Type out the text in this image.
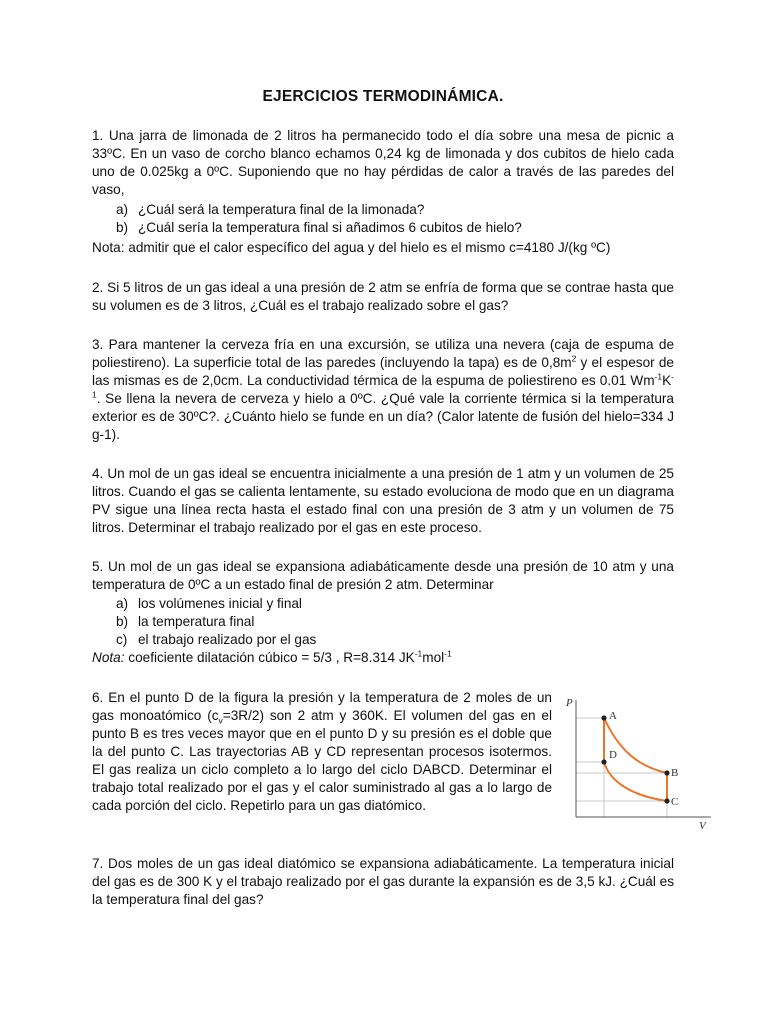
EJERCICIOS TERMODINÁMICA.
1. Una jarra de limonada de 2 litros ha permanecido todo el día sobre una mesa de picnic a 33ºC. En un vaso de corcho blanco echamos 0,24 kg de limonada y dos cubitos de hielo cada uno de 0.025kg a 0ºC. Suponiendo que no hay pérdidas de calor a través de las paredes del vaso,
a) ¿Cuál será la temperatura final de la limonada?
b) ¿Cuál sería la temperatura final si añadimos 6 cubitos de hielo?
Nota: admitir que el calor específico del agua y del hielo es el mismo c=4180 J/(kg ºC)
2. Si 5 litros de un gas ideal a una presión de 2 atm se enfría de forma que se contrae hasta que su volumen es de 3 litros, ¿Cuál es el trabajo realizado sobre el gas?
3. Para mantener la cerveza fría en una excursión, se utiliza una nevera (caja de espuma de poliestireno). La superficie total de las paredes (incluyendo la tapa) es de $0,8m^2$ y el espesor de las mismas es de 2,0cm. La conductividad térmica de la espuma de poliestireno es 0.01 $Wm^{-1}K^{-1}$. Se llena la nevera de cerveza y hielo a 0ºC. ¿Qué vale la corriente térmica si la temperatura exterior es de 30ºC?. ¿Cuánto hielo se funde en un día? (Calor latente de fusión del hielo=334 J g-1).
4. Un mol de un gas ideal se encuentra inicialmente a una presión de 1 atm y un volumen de 25 litros. Cuando el gas se calienta lentamente, su estado evoluciona de modo que en un diagrama PV sigue una línea recta hasta el estado final con una presión de 3 atm y un volumen de 75 litros. Determinar el trabajo realizado por el gas en este proceso.
5. Un mol de un gas ideal se expansiona adiabáticamente desde una presión de 10 atm y una temperatura de 0ºC a un estado final de presión 2 atm. Determinar
a) los volúmenes inicial y final
b) la temperatura final
c) el trabajo realizado por el gas
Nota: coeficiente dilatación cúbico = 5/3 , R=8.314 $JK^{-1}mol^{-1}$
6. En el punto D de la figura la presión y la temperatura de 2 moles de un gas monoatómico $(c_v=3R/2)$ son 2 atm y 360K. El volumen del gas en el punto B es tres veces mayor que en el punto D y su presión es el doble que la del punto C. Las trayectorias AB y CD representan procesos isotermos. El gas realiza un ciclo completo a lo largo del ciclo DABCD. Determinar el trabajo total realizado por el gas y el calor suministrado al gas a lo largo de cada porción del ciclo. Repetirlo para un gas diatómico.
P
V
A
D
B
C
7. Dos moles de un gas ideal diatómico se expansiona adiabáticamente. La temperatura inicial del gas es de 300 K y el trabajo realizado por el gas durante la expansión es de 3,5 kJ. ¿Cuál es la temperatura final del gas?
